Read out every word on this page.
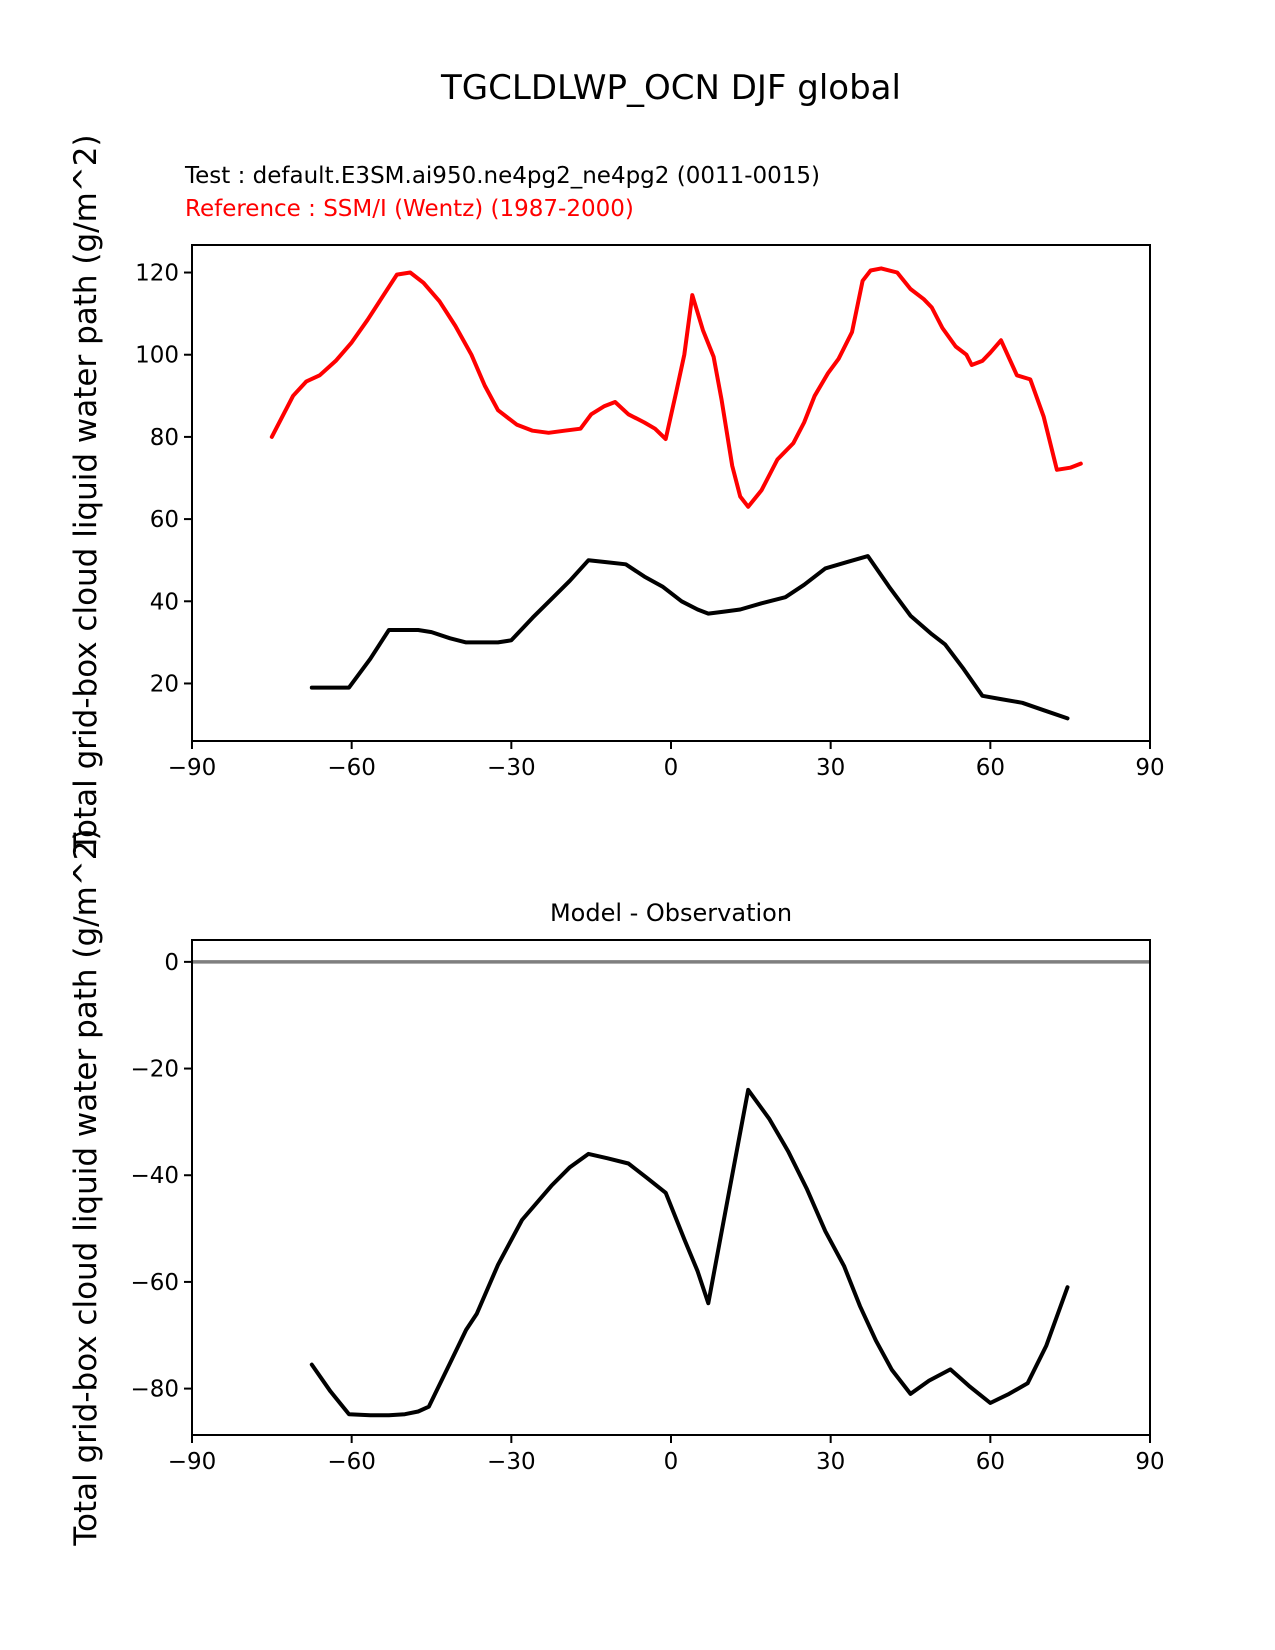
TGCLDLWP_OCN DJF global
Test : default.E3SM.ai950.ne4pg2_ne4pg2 (0011-0015)
Reference : SSM/I (Wentz) (1987-2000)
Total grid-box cloud liquid water path (g/m^2)
Total grid-box cloud liquid water path (g/m^2)	Model - Observation
−90	−60	−30	0	30	60	90
20
40
60
80
100
120
−90	−60	−30	0	30	60	90
0
−20
−40
−60
−80
